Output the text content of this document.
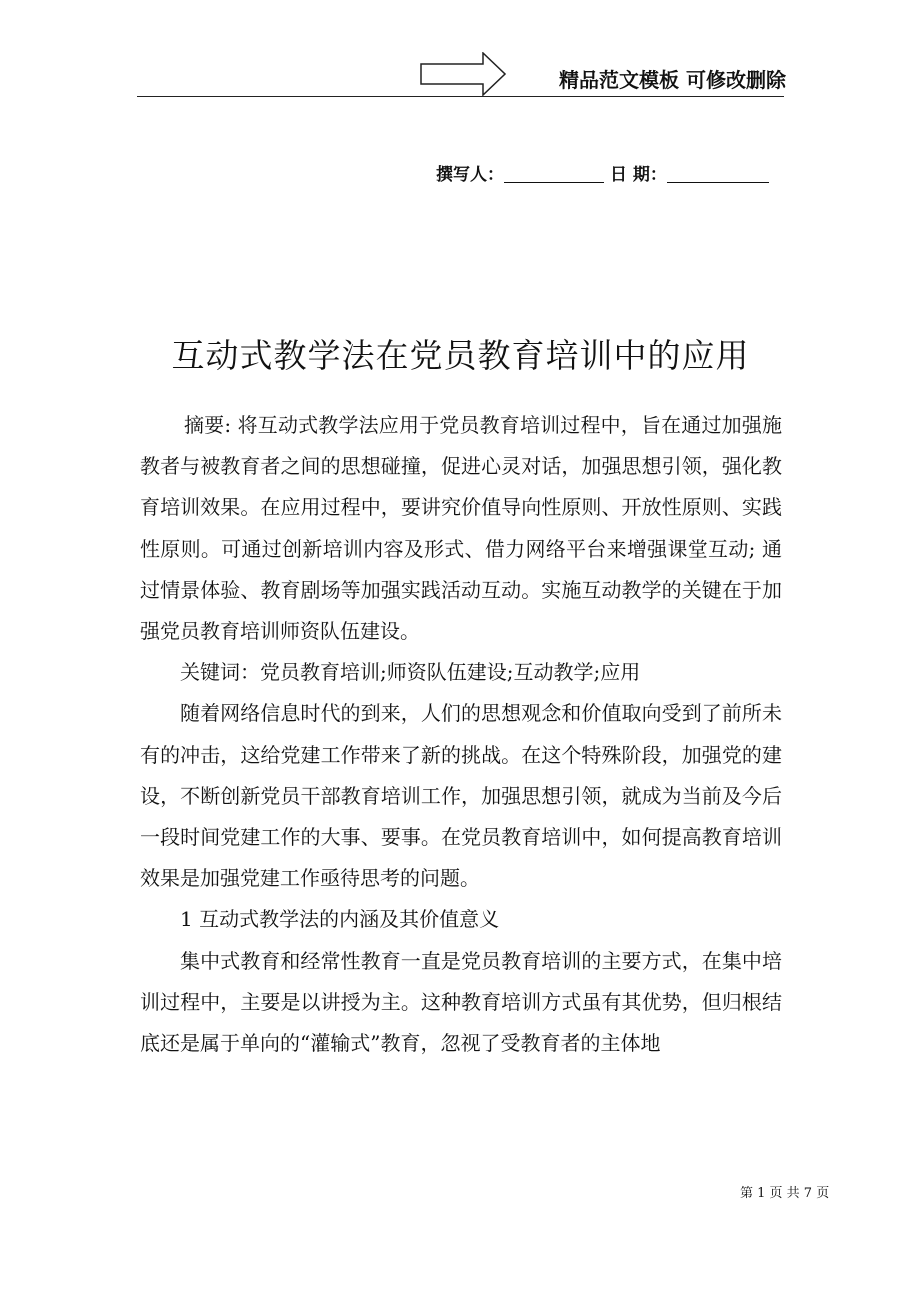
精品范文模板 可修改删除
撰写人：	日 期：
互动式教学法在党员教育培训中的应用

摘要: 将互动式教学法应用于党员教育培训过程中，旨在通过加强施教者与被教育者之间的思想碰撞，促进心灵对话，加强思想引领，强化教育培训效果。在应用过程中，要讲究价值导向性原则、开放性原则、实践性原则。可通过创新培训内容及形式、借力网络平台来增强课堂互动; 通过情景体验、教育剧场等加强实践活动互动。实施互动教学的关键在于加强党员教育培训师资队伍建设。

关键词：党员教育培训;师资队伍建设;互动教学;应用

随着网络信息时代的到来，人们的思想观念和价值取向受到了前所未有的冲击，这给党建工作带来了新的挑战。在这个特殊阶段，加强党的建设，不断创新党员干部教育培训工作，加强思想引领，就成为当前及今后一段时间党建工作的大事、要事。在党员教育培训中，如何提高教育培训效果是加强党建工作亟待思考的问题。

1 互动式教学法的内涵及其价值意义

集中式教育和经常性教育一直是党员教育培训的主要方式，在集中培训过程中，主要是以讲授为主。这种教育培训方式虽有其优势，但归根结底还是属于单向的“灌输式”教育，忽视了受教育者的主体地

第 1 页 共 7 页
